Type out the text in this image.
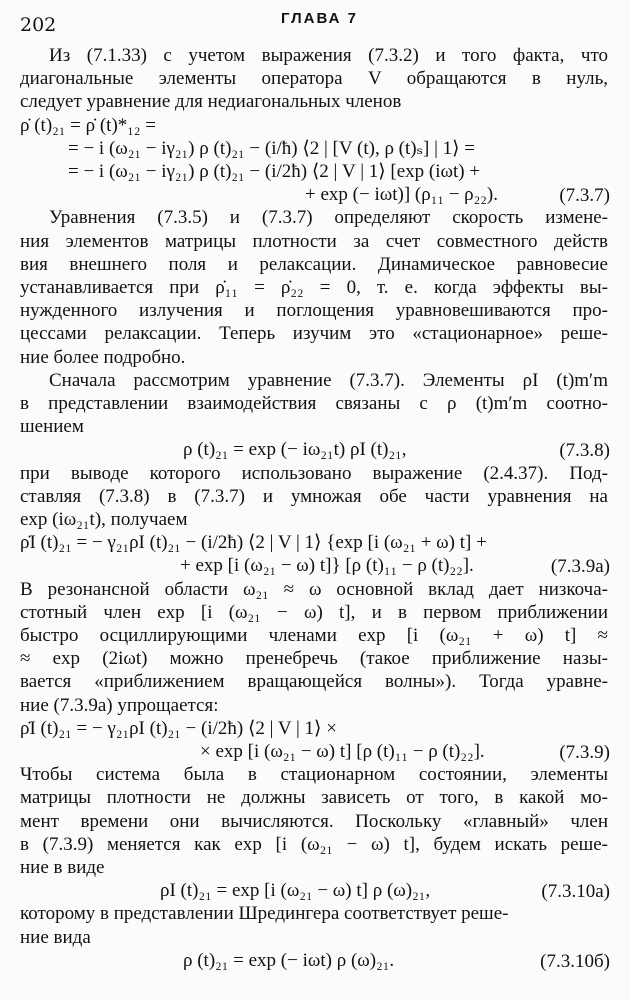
202	ГЛАВА 7
Из (7.1.33) с учетом выражения (7.3.2) и того факта, что
диагональные элементы оператора V обращаются в нуль,
следует уравнение для недиагональных членов
ρ̇ (t)₂₁ = ρ̇ (t)*₁₂ =
= − i (ω₂₁ − iγ₂₁) ρ (t)₂₁ − (i/ħ) ⟨2 | [V (t), ρ (t)ₛ] | 1⟩ =
= − i (ω₂₁ − iγ₂₁) ρ (t)₂₁ − (i/2ħ) ⟨2 | V | 1⟩ [exp (iωt) +
+ exp (− iωt)] (ρ₁₁ − ρ₂₂).	(7.3.7)
Уравнения (7.3.5) и (7.3.7) определяют скорость измене-
ния элементов матрицы плотности за счет совместного действ
вия внешнего поля и релаксации. Динамическое равновесие
устанавливается при ρ̇₁₁ = ρ̇₂₂ = 0, т. е. когда эффекты вы-
нужденного излучения и поглощения уравновешиваются про-
цессами релаксации. Теперь изучим это «стационарное» реше-
ние более подробно.
Сначала рассмотрим уравнение (7.3.7). Элементы ρI (t)m′m
в представлении взаимодействия связаны с ρ (t)m′m соотно-
шением
ρ (t)₂₁ = exp (− iω₂₁t) ρI (t)₂₁,	(7.3.8)
при выводе которого использовано выражение (2.4.37). Под-
ставляя (7.3.8) в (7.3.7) и умножая обе части уравнения на
exp (iω₂₁t), получаем
ρ̇I (t)₂₁ = − γ₂₁ρI (t)₂₁ − (i/2ħ) ⟨2 | V | 1⟩ {exp [i (ω₂₁ + ω) t] +
+ exp [i (ω₂₁ − ω) t]} [ρ (t)₁₁ − ρ (t)₂₂].	(7.3.9a)
В резонансной области ω₂₁ ≈ ω основной вклад дает низкоча-
стотный член exp [i (ω₂₁ − ω) t], и в первом приближении
быстро осциллирующими членами exp [i (ω₂₁ + ω) t] ≈
≈ exp (2iωt) можно пренебречь (такое приближение назы-
вается «приближением вращающейся волны»). Тогда уравне-
ние (7.3.9a) упрощается:
ρ̇I (t)₂₁ = − γ₂₁ρI (t)₂₁ − (i/2ħ) ⟨2 | V | 1⟩ ×
× exp [i (ω₂₁ − ω) t] [ρ (t)₁₁ − ρ (t)₂₂].	(7.3.9)
Чтобы система была в стационарном состоянии, элементы
матрицы плотности не должны зависеть от того, в какой мо-
мент времени они вычисляются. Поскольку «главный» член
в (7.3.9) меняется как exp [i (ω₂₁ − ω) t], будем искать реше-
ние в виде
ρI (t)₂₁ = exp [i (ω₂₁ − ω) t] ρ (ω)₂₁,	(7.3.10a)
которому в представлении Шредингера соответствует реше-
ние вида
ρ (t)₂₁ = exp (− iωt) ρ (ω)₂₁.	(7.3.10б)
